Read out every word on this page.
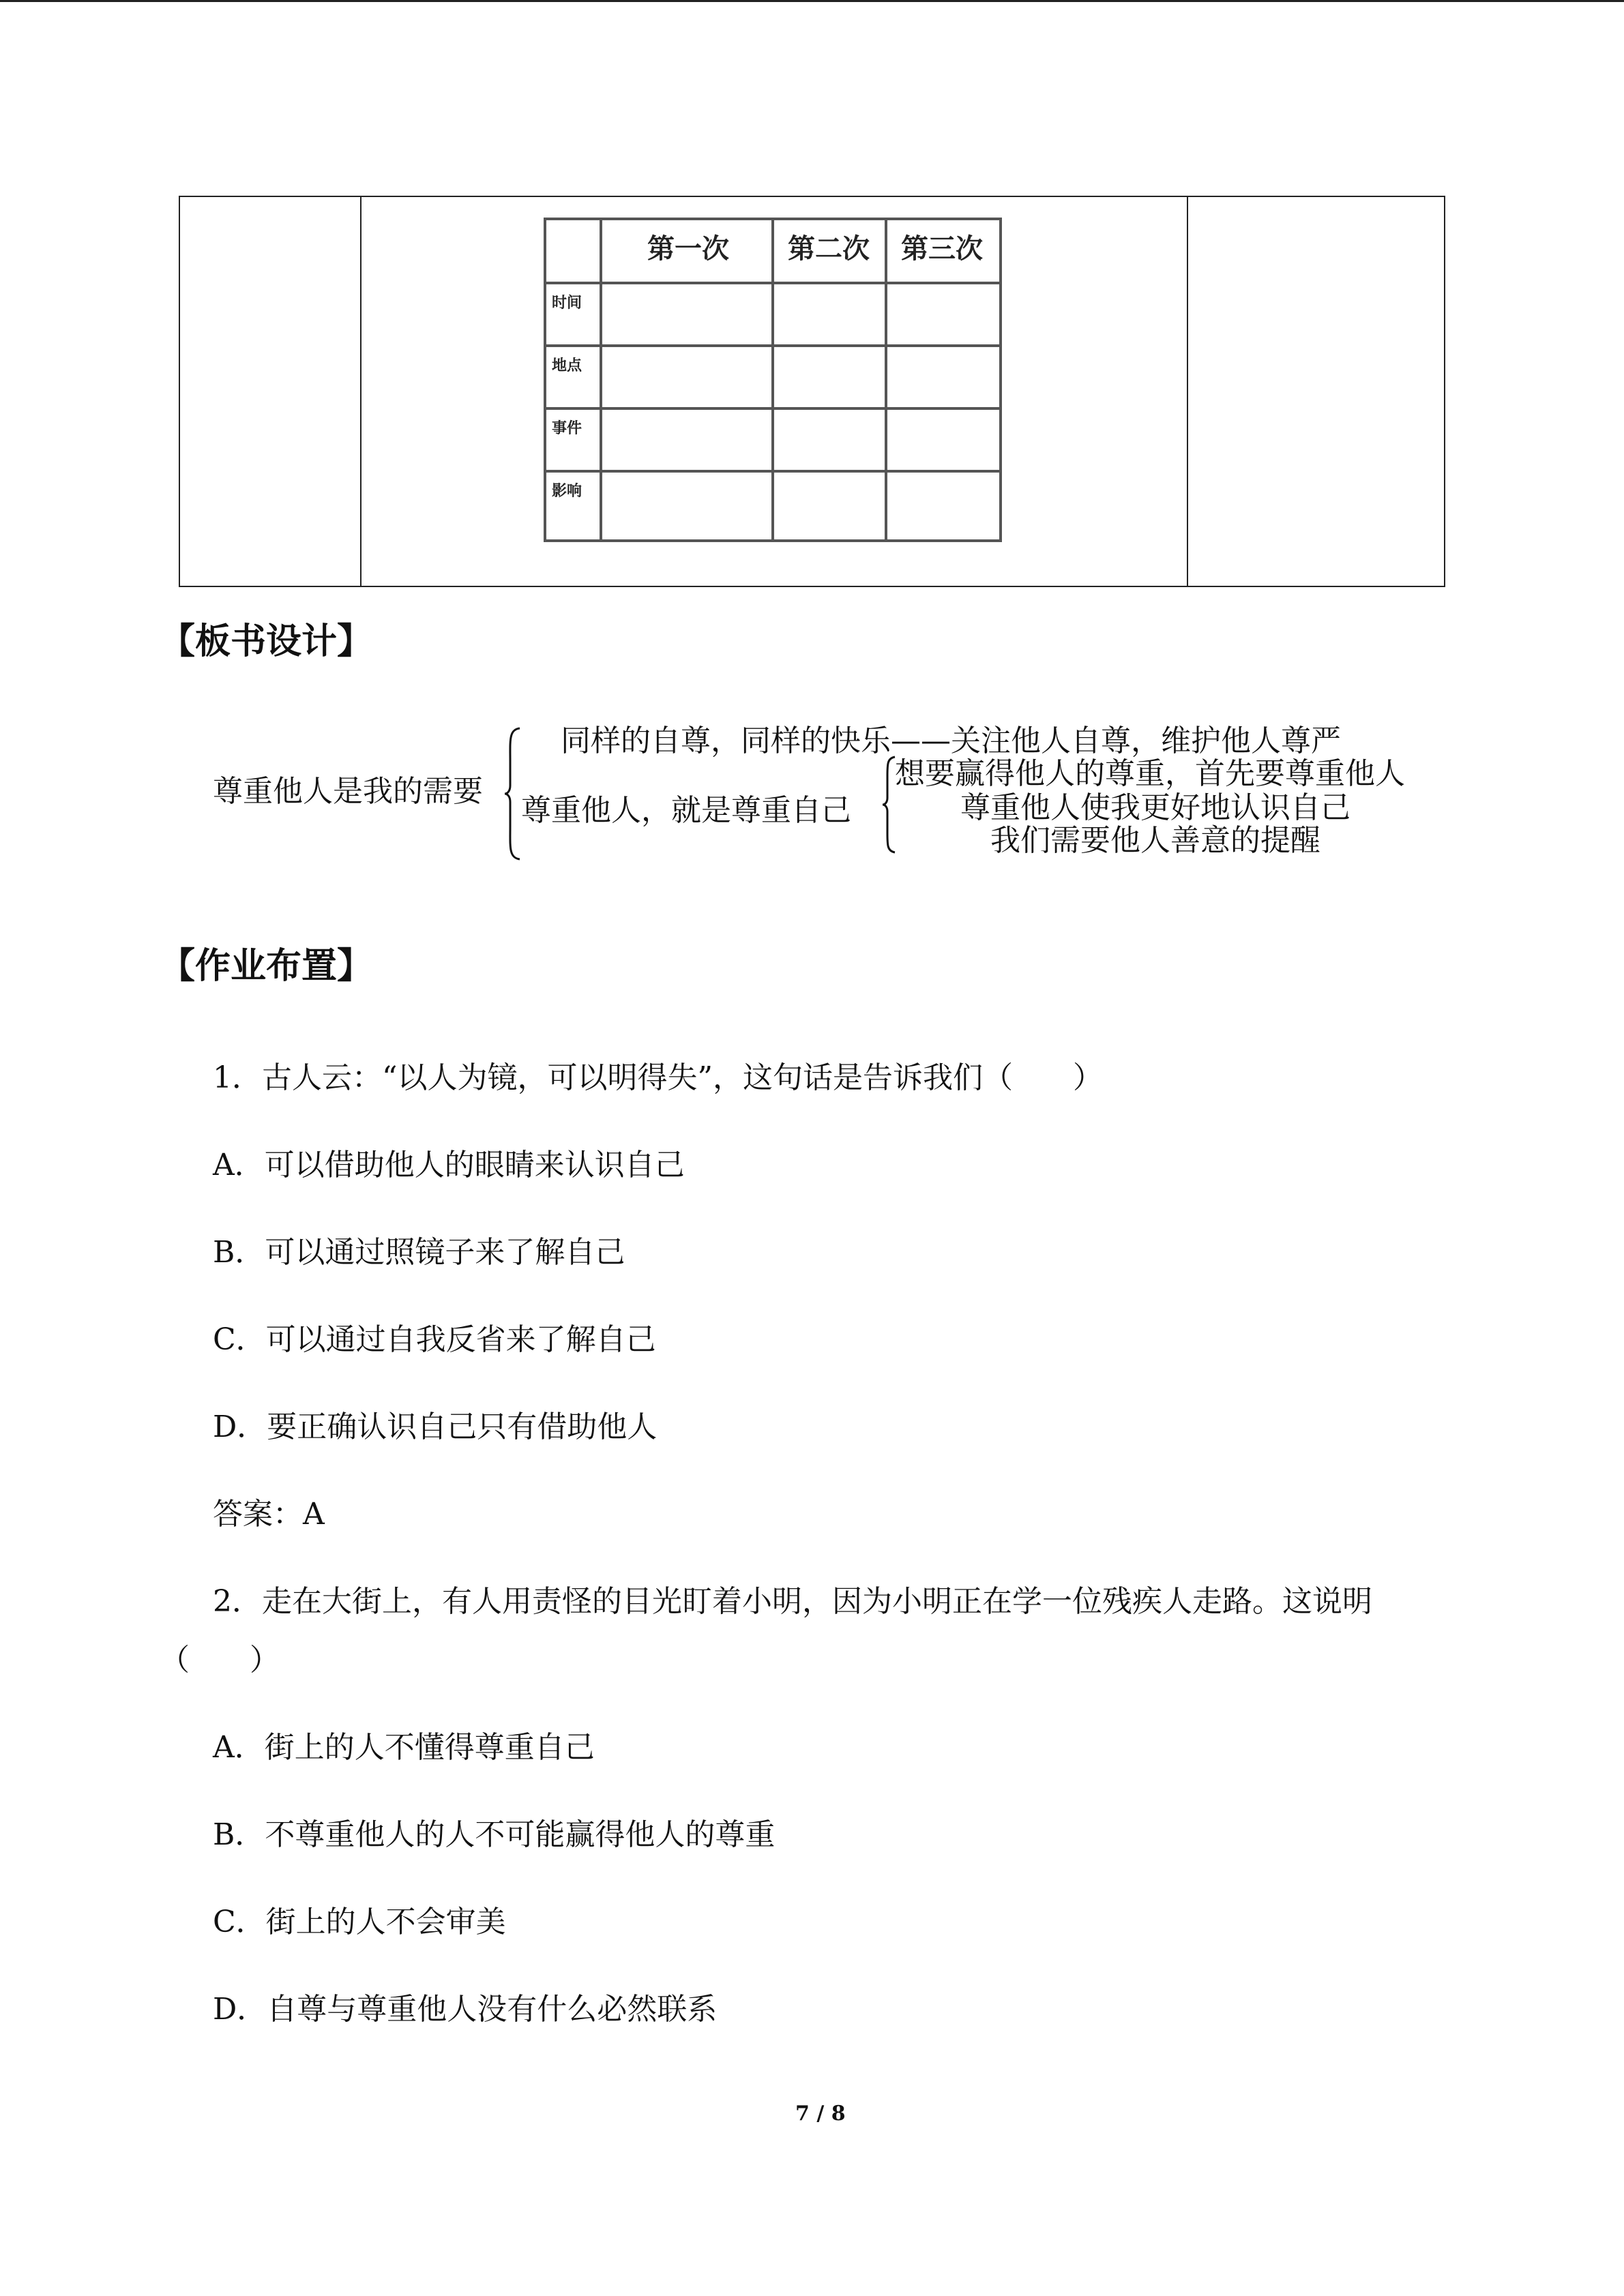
第一次 第二次 第三次
时间
地点
事件
影响
【板书设计】
尊重他人是我的需要
同样的自尊，同样的快乐——关注他人自尊，维护他人尊严
尊重他人，就是尊重自己
想要赢得他人的尊重，首先要尊重他人
尊重他人使我更好地认识自己
我们需要他人善意的提醒
【作业布置】
1．古人云：“以人为镜，可以明得失”，这句话是告诉我们（　　）
A．可以借助他人的眼睛来认识自己
B．可以通过照镜子来了解自己
C．可以通过自我反省来了解自己
D．要正确认识自己只有借助他人
答案：A
2．走在大街上，有人用责怪的目光盯着小明，因为小明正在学一位残疾人走路。这说明
（　　）
A．街上的人不懂得尊重自己
B．不尊重他人的人不可能赢得他人的尊重
C．街上的人不会审美
D．自尊与尊重他人没有什么必然联系
7 / 8
